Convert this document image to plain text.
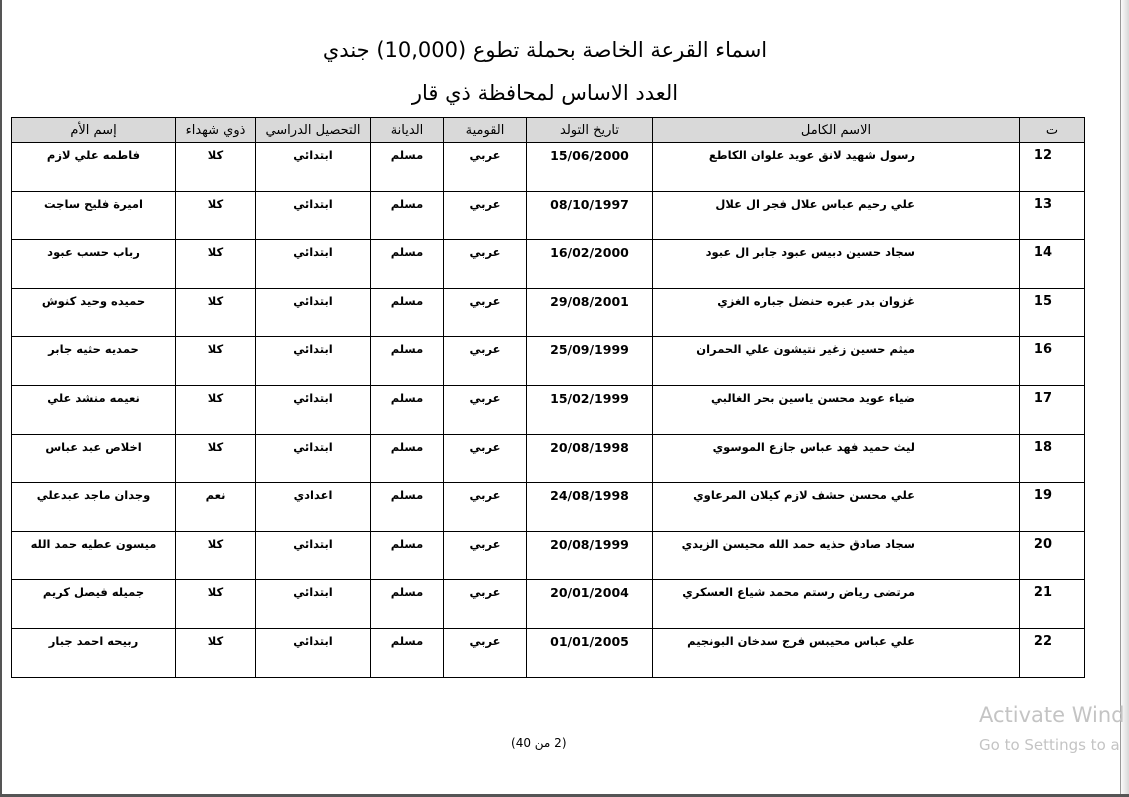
اسماء القرعة الخاصة بحملة تطوع (10,000) جندي
العدد الاساس لمحافظة ذي قار
ت	الاسم الكامل	تاريخ التولد	القومية	الديانة	التحصيل الدراسي	ذوي شهداء	إسم الأم
12	رسول شهيد لانق عويد علوان الكاطع	15/06/2000	عربي	مسلم	ابتدائي	كلا	فاطمه علي لازم
13	علي رحيم عباس علال فجر ال علال	08/10/1997	عربي	مسلم	ابتدائي	كلا	اميرة فليح ساجت
14	سجاد حسين دبيس عبود جابر ال عبود	16/02/2000	عربي	مسلم	ابتدائي	كلا	رباب حسب عبود
15	غزوان بدر عبره حنضل جباره الغزي	29/08/2001	عربي	مسلم	ابتدائي	كلا	حميده وحيد كنوش
16	ميثم حسين زغير نتيشون علي الحمران	25/09/1999	عربي	مسلم	ابتدائي	كلا	حمديه حثيه جابر
17	ضياء عويد محسن ياسين بحر الغالبي	15/02/1999	عربي	مسلم	ابتدائي	كلا	نعيمه منشد علي
18	ليث حميد فهد عباس جازع الموسوي	20/08/1998	عربي	مسلم	ابتدائي	كلا	اخلاص عبد عباس
19	علي محسن حشف لازم كيلان المرعاوي	24/08/1998	عربي	مسلم	اعدادي	نعم	وجدان ماجد عبدعلي
20	سجاد صادق حذيه حمد الله محيسن الزيدي	20/08/1999	عربي	مسلم	ابتدائي	كلا	ميسون عطيه حمد الله
21	مرتضى رياض رستم محمد شياع العسكري	20/01/2004	عربي	مسلم	ابتدائي	كلا	جميله فيصل كريم
22	علي عباس محيبس فرج سدخان البونجيم	01/01/2005	عربي	مسلم	ابتدائي	كلا	ربيحه احمد جبار
(2 من 40)
Activate Wind
Go to Settings to a
